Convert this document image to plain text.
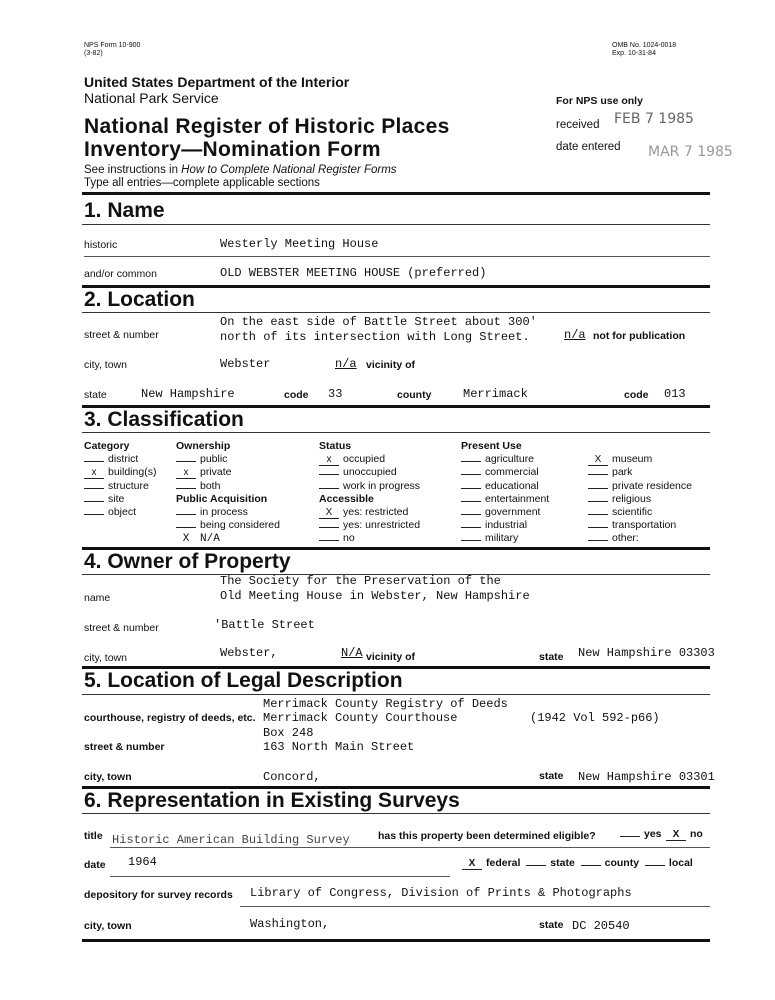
NPS Form 10-900
(3-82)
OMB No. 1024-0018
Exp. 10-31-84
United States Department of the Interior
National Park Service
National Register of Historic Places
Inventory—Nomination Form
For NPS use only
received FEB 7 1985
date entered MAR 7 1985
See instructions in How to Complete National Register Forms
Type all entries—complete applicable sections
1. Name
historic	Westerly Meeting House
and/or common	OLD WEBSTER MEETING HOUSE (preferred)
2. Location
street & number
On the east side of Battle Street about 300'
north of its intersection with Long Street.	n/a not for publication
city, town	Webster	n/a vicinity of
state	New Hampshire	code 33	county	Merrimack	code 013
3. Classification
Category
district
x building(s)
structure
site
object
Ownership
public
x private
both
Public Acquisition
in process
being considered
X N/A
Status
x occupied
unoccupied
work in progress
Accessible
X yes: restricted
yes: unrestricted
no
Present Use
agriculture
commercial
educational
entertainment
government
industrial
military
X museum
park
private residence
religious
scientific
transportation
other:
4. Owner of Property
name
The Society for the Preservation of the
Old Meeting House in Webster, New Hampshire
street & number	'Battle Street
city, town	Webster,	N/A vicinity of	state New Hampshire 03303
5. Location of Legal Description
courthouse, registry of deeds, etc.
Merrimack County Registry of Deeds
Merrimack County Courthouse	(1942 Vol 592-p66)
Box 248
street & number	163 North Main Street
city, town	Concord,	state New Hampshire 03301
6. Representation in Existing Surveys
title Historic American Building Survey	has this property been determined eligible?	yes	X no
date 1964	X federal	state	county	local
depository for survey records Library of Congress, Division of Prints & Photographs
city, town	Washington,	state DC 20540
